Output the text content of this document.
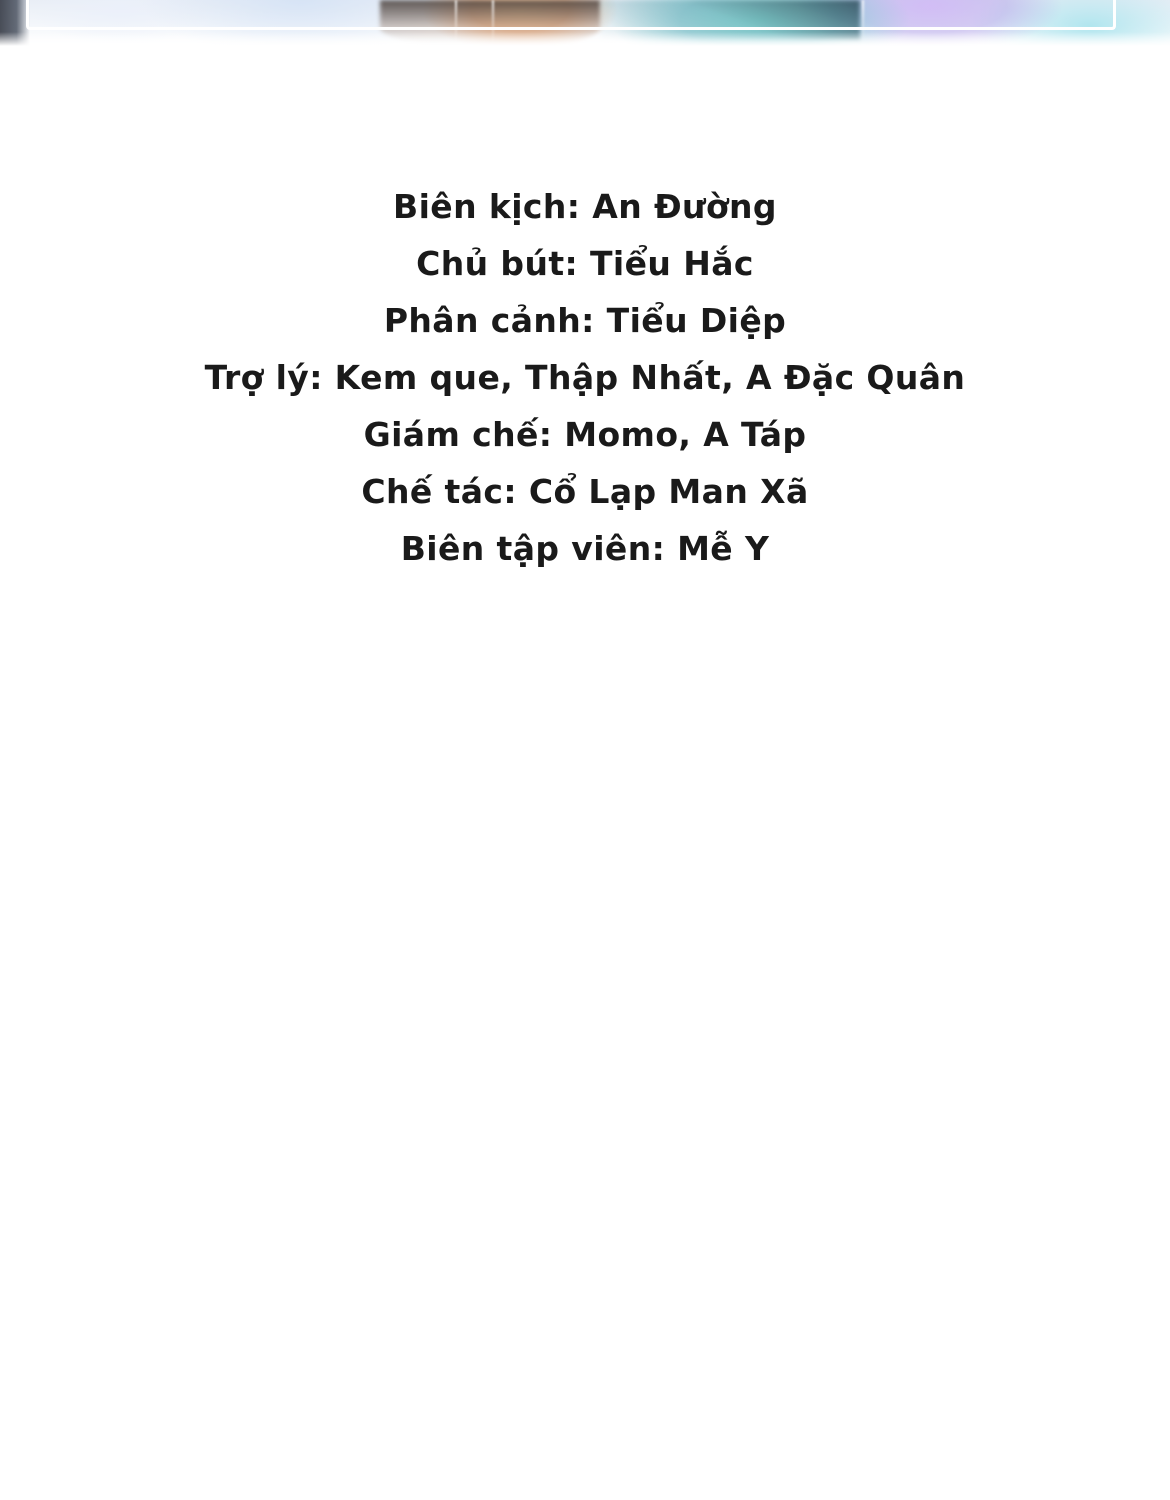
Biên kịch: An Đường
Chủ bút: Tiểu Hắc
Phân cảnh: Tiểu Diệp
Trợ lý: Kem que, Thập Nhất, A Đặc Quân
Giám chế: Momo, A Táp
Chế tác: Cổ Lạp Man Xã
Biên tập viên: Mễ Y
